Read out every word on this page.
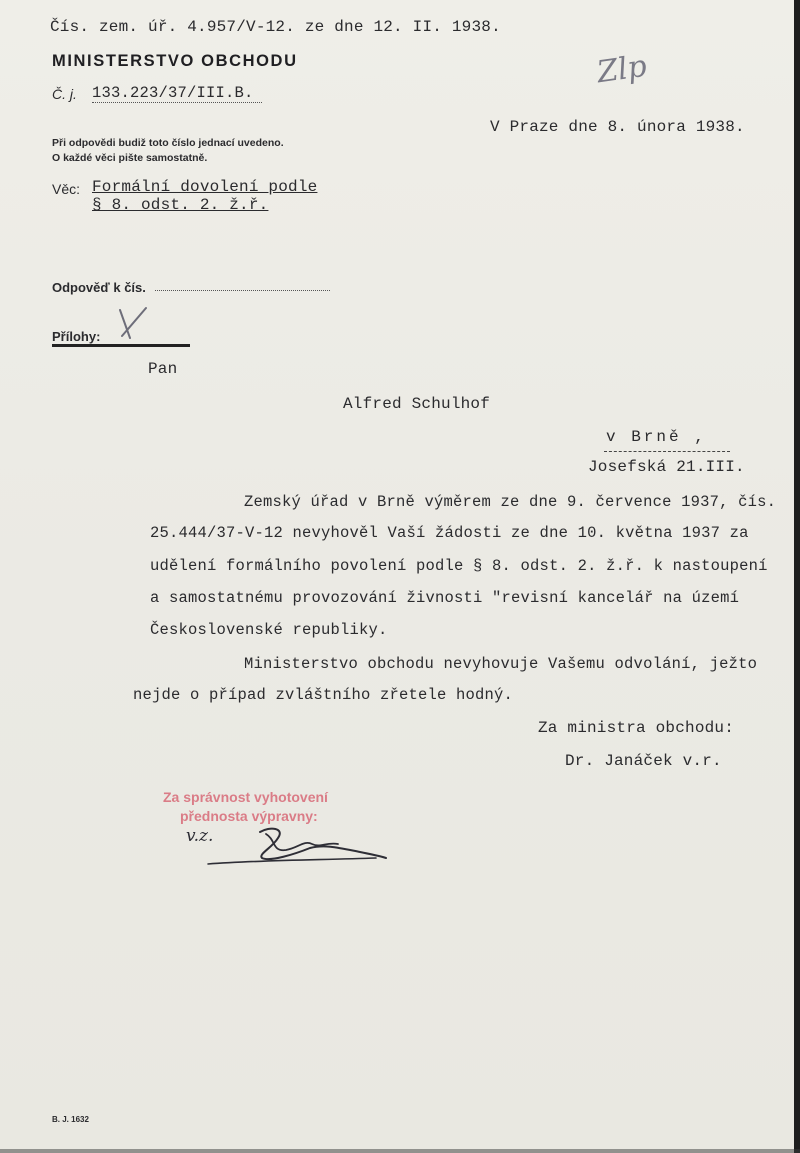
Čís. zem. úř. 4.957/V-12. ze dne 12. II. 1938.
MINISTERSTVO OBCHODU
Č. j. 133.223/37/III.B.
Při odpovědi budiž toto číslo jednací uvedeno.
O každé věci pište samostatně.
V Praze dne 8. února 1938.
Zlp
Věc: Formální dovolení podle
§ 8. odst. 2. ž.ř.
Odpověď k čís.
Přílohy:
Pan
Alfred Schulhof
v Brně ,
Josefská 21.III.
Zemský úřad v Brně výměrem ze dne 9. července 1937, čís.
25.444/37-V-12 nevyhověl Vaší žádosti ze dne 10. května 1937 za
udělení formálního povolení podle § 8. odst. 2. ž.ř. k nastoupení
a samostatnému provozování živnosti "revisní kancelář na území
Československé republiky.
Ministerstvo obchodu nevyhovuje Vašemu odvolání, ježto
nejde o případ zvláštního zřetele hodný.
Za ministra obchodu:
Dr. Janáček v.r.
Za správnost vyhotovení
přednosta výpravny:
v.z.
B. J. 1632
